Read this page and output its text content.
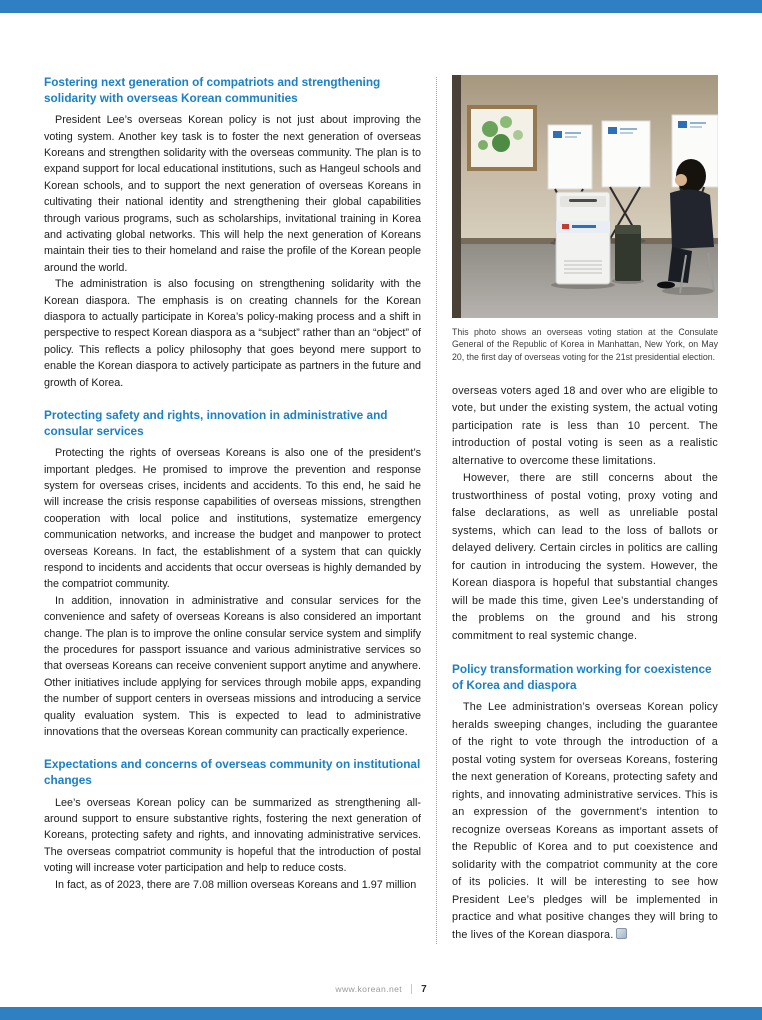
Fostering next generation of compatriots and strengthening solidarity with overseas Korean communities

President Lee’s overseas Korean policy is not just about improving the voting system. Another key task is to foster the next generation of overseas Koreans and strengthen solidarity with the overseas community. The plan is to expand support for local educational institutions, such as Hangeul schools and Korean schools, and to support the next generation of overseas Koreans in cultivating their national identity and strengthening their global capabilities through various programs, such as scholarships, invitational training in Korea and activating global networks. This will help the next generation of Koreans maintain their ties to their homeland and raise the profile of the Korean people around the world.

The administration is also focusing on strengthening solidarity with the Korean diaspora. The emphasis is on creating channels for the Korean diaspora to actually participate in Korea’s policy-making process and a shift in perspective to respect Korean diaspora as a “subject” rather than an “object” of policy. This reflects a policy philosophy that goes beyond mere support to enable the Korean diaspora to actively participate as partners in the future and growth of Korea.

Protecting safety and rights, innovation in administrative and consular services

Protecting the rights of overseas Koreans is also one of the president’s important pledges. He promised to improve the prevention and response system for overseas crises, incidents and accidents. To this end, he said he will increase the crisis response capabilities of overseas missions, strengthen cooperation with local police and institutions, systematize emergency communication networks, and increase the budget and manpower to protect overseas Koreans. In fact, the establishment of a system that can quickly respond to incidents and accidents that occur overseas is highly demanded by the compatriot community.

In addition, innovation in administrative and consular services for the convenience and safety of overseas Koreans is also considered an important change. The plan is to improve the online consular service system and simplify the procedures for passport issuance and various administrative services so that overseas Koreans can receive convenient support anytime and anywhere. Other initiatives include applying for services through mobile apps, expanding the number of support centers in overseas missions and introducing a service quality evaluation system. This is expected to lead to administrative innovations that the overseas Korean community can practically experience.

Expectations and concerns of overseas community on institutional changes

Lee’s overseas Korean policy can be summarized as strengthening all-around support to ensure substantive rights, fostering the next generation of Koreans, protecting safety and rights, and innovating administrative services. The overseas compatriot community is hopeful that the introduction of postal voting will increase voter participation and help to reduce costs.

In fact, as of 2023, there are 7.08 million overseas Koreans and 1.97 million

This photo shows an overseas voting station at the Consulate General of the Republic of Korea in Manhattan, New York, on May 20, the first day of overseas voting for the 21st presidential election.

overseas voters aged 18 and over who are eligible to vote, but under the existing system, the actual voting participation rate is less than 10 percent. The introduction of postal voting is seen as a realistic alternative to overcome these limitations.

However, there are still concerns about the trustworthiness of postal voting, proxy voting and false declarations, as well as unreliable postal systems, which can lead to the loss of ballots or delayed delivery. Certain circles in politics are calling for caution in introducing the system. However, the Korean diaspora is hopeful that substantial changes will be made this time, given Lee’s understanding of the problems on the ground and his strong commitment to real systemic change.

Policy transformation working for coexistence of Korea and diaspora

The Lee administration’s overseas Korean policy heralds sweeping changes, including the guarantee of the right to vote through the introduction of a postal voting system for overseas Koreans, fostering the next generation of Koreans, protecting safety and rights, and innovating administrative services. This is an expression of the government’s intention to recognize overseas Koreans as important assets of the Republic of Korea and to put coexistence and solidarity with the compatriot community at the core of its policies. It will be interesting to see how President Lee’s pledges will be implemented in practice and what positive changes they will bring to the lives of the Korean diaspora.

www.korean.net 7
